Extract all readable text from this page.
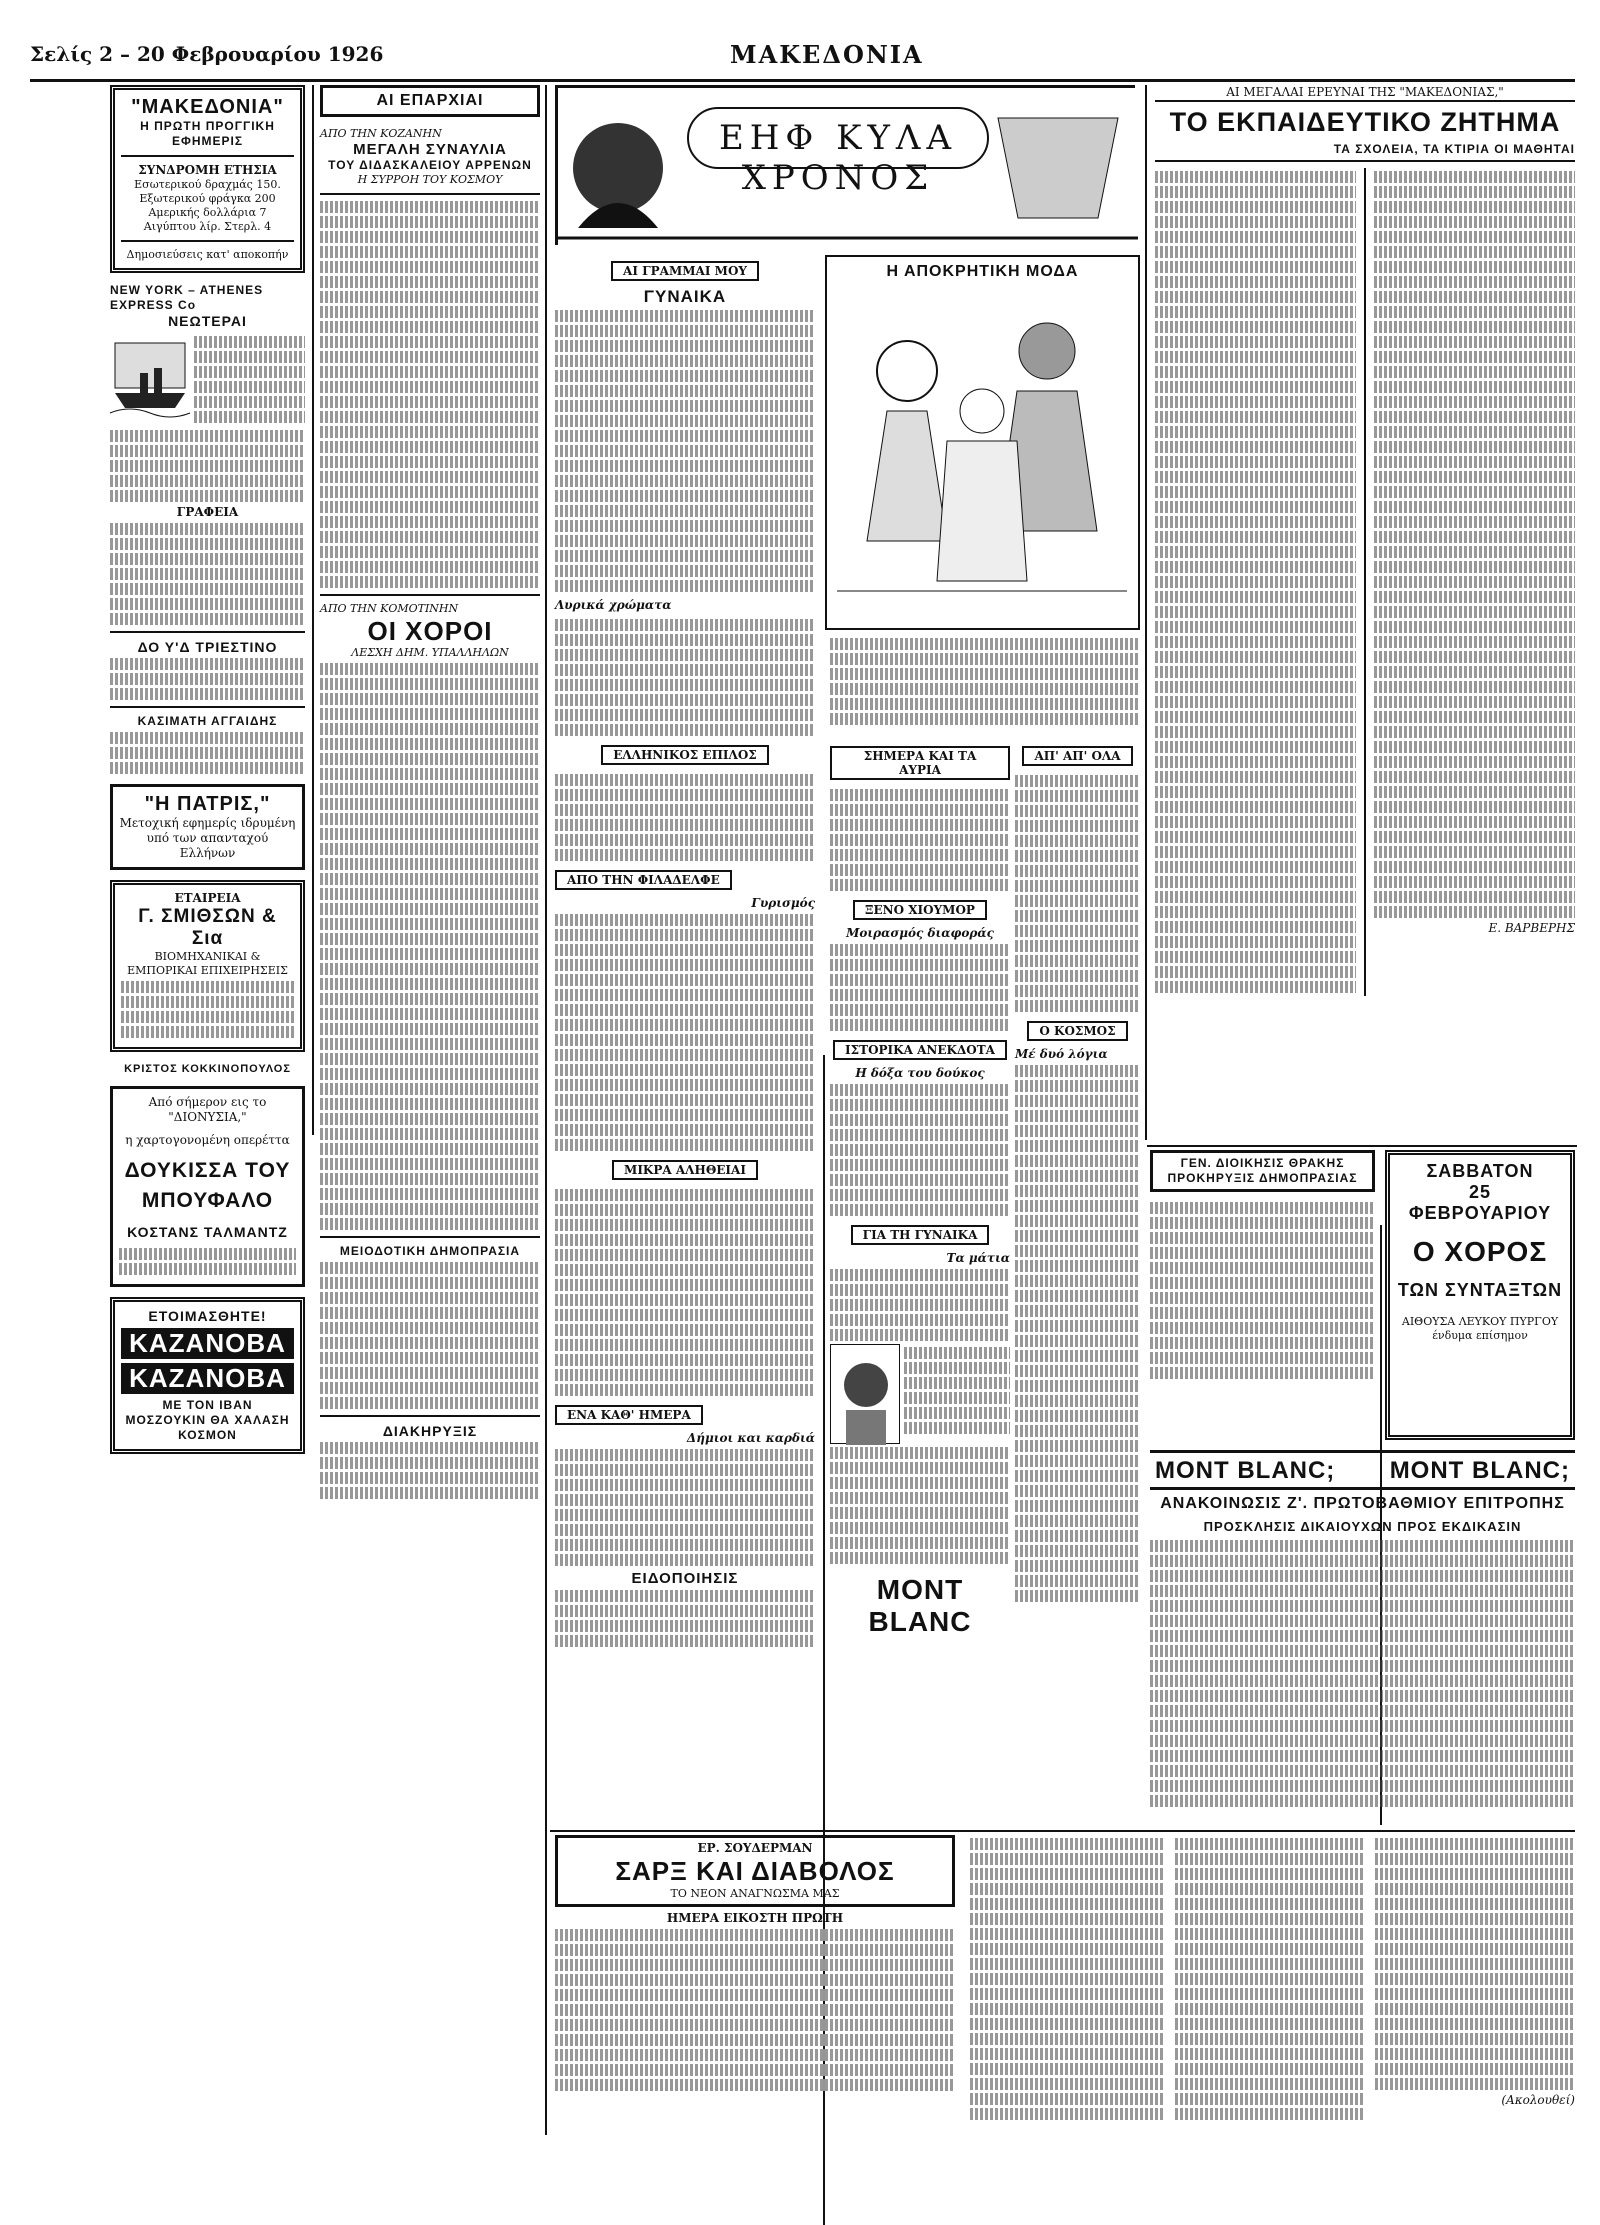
Σελίς 2 – 20 Φεβρουαρίου 1926	ΜΑΚΕΔΟΝΙΑ
"ΜΑΚΕΔΟΝΙΑ"
Η ΠΡΩΤΗ ΠΡΟΓΓΙΚΗ ΕΦΗΜΕΡΙΣ
ΣΥΝΔΡΟΜΗ ΕΤΗΣΙΑ
Εσωτερικού δραχμάς 150.
Εξωτερικού φράγκα 200
Αμερικής δολλάρια 7
Αιγύπτου λίρ. Στερλ. 4
Δημοσιεύσεις κατ' αποκοπήν
NEW YORK – ATHENES EXPRESS Co
ΝΕΩΤΕΡΑΙ
ΓΡΑΦΕΙΑ
ΔΟ Υ'Δ ΤΡΙΕΣΤΙΝΟ
ΚΑΣΙΜΑΤΗ ΑΓΓΑΙΔΗΣ
"Η ΠΑΤΡΙΣ,"
Μετοχική εφημερίς ιδρυμένη υπό των απανταχού Ελλήνων
ΕΤΑΙΡΕΙΑ
Γ. ΣΜΙΘΣΩΝ & Σια
ΒΙΟΜΗΧΑΝΙΚΑΙ & ΕΜΠΟΡΙΚΑΙ ΕΠΙΧΕΙΡΗΣΕΙΣ
ΚΡΙΣΤΟΣ ΚΟΚΚΙΝΟΠΟΥΛΟΣ
Από σήμερον εις το "ΔΙΟΝΥΣΙΑ,"
η χαρτογονομένη οπερέττα
ΔΟΥΚΙΣΣΑ ΤΟΥ ΜΠΟΥΦΑΛΟ
ΚΟΣΤΑΝΣ ΤΑΛΜΑΝΤΖ
ΕΤΟΙΜΑΣΘΗΤΕ!
ΚΑΖΑΝΟΒΑ
ΚΑΖΑΝΟΒΑ
ΜΕ ΤΟΝ ΙΒΑΝ ΜΟΣΖΟΥΚΙΝ ΘΑ ΧΑΛΑΣΗ ΚΟΣΜΟΝ
ΑΙ ΕΠΑΡΧΙΑΙ
ΑΠΟ ΤΗΝ ΚΟΖΑΝΗΝ
ΜΕΓΑΛΗ ΣΥΝΑΥΛΙΑ
ΤΟΥ ΔΙΔΑΣΚΑΛΕΙΟΥ ΑΡΡΕΝΩΝ
Η ΣΥΡΡΟΗ ΤΟΥ ΚΟΣΜΟΥ
ΑΠΟ ΤΗΝ ΚΟΜΟΤΙΝΗΝ
ΟΙ ΧΟΡΟΙ
ΛΕΣΧΗ ΔΗΜ. ΥΠΑΛΛΗΛΩΝ
ΜΕΙΟΔΟΤΙΚΗ ΔΗΜΟΠΡΑΣΙΑ
ΔΙΑΚΗΡΥΞΙΣ
ΕΗΦ ΚΥΛΑ ΧΡΟΝΟΣ
ΑΙ ΓΡΑΜΜΑΙ ΜΟΥ
ΓΥΝΑΙΚΑ
Λυρικά χρώματα
ΕΛΛΗΝΙΚΟΣ ΕΠΙΛΟΣ
ΑΠΟ ΤΗΝ ΦΙΛΑΔΕΛΦΕ
Γυρισμός
ΜΙΚΡΑ ΑΛΗΘΕΙΑΙ
ΕΝΑ ΚΑΘ' ΗΜΕΡΑ
Δήμιοι και καρδιά
ΕΙΔΟΠΟΙΗΣΙΣ
Η ΑΠΟΚΡΗΤΙΚΗ ΜΟΔΑ
ΣΗΜΕΡΑ ΚΑΙ ΤΑ ΑΥΡΙΑ
ΞΕΝΟ ΧΙΟΥΜΟΡ
Μοιρασμός διαφοράς
ΙΣΤΟΡΙΚΑ ΑΝΕΚΔΟΤΑ
Η δόξα του δούκος
ΓΙΑ ΤΗ ΓΥΝΑΙΚΑ
Τα μάτια
MONT BLANC
ΑΠ' ΑΠ' ΟΛΑ
Ο ΚΟΣΜΟΣ
Μέ δυό λόγια
ΑΙ ΜΕΓΑΛΑΙ ΕΡΕΥΝΑΙ ΤΗΣ "ΜΑΚΕΔΟΝΙΑΣ,"
ΤΟ ΕΚΠΑΙΔΕΥΤΙΚΟ ΖΗΤΗΜΑ
ΤΑ ΣΧΟΛΕΙΑ, ΤΑ ΚΤΙΡΙΑ ΟΙ ΜΑΘΗΤΑΙ
Ε. ΒΑΡΒΕΡΗΣ
ΓΕΝ. ΔΙΟΙΚΗΣΙΣ ΘΡΑΚΗΣ
ΠΡΟΚΗΡΥΞΙΣ ΔΗΜΟΠΡΑΣΙΑΣ	ΣΑΒΒΑΤΟΝ
25 ΦΕΒΡΟΥΑΡΙΟΥ
Ο ΧΟΡΟΣ
ΤΩΝ ΣΥΝΤΑΞΤΩΝ
ΑΙΘΟΥΣΑ ΛΕΥΚΟΥ ΠΥΡΓΟΥ
ένδυμα επίσημον
MONT BLANC; MONT BLANC;
ΑΝΑΚΟΙΝΩΣΙΣ Ζ'. ΠΡΩΤΟΒΑΘΜΙΟΥ ΕΠΙΤΡΟΠΗΣ
ΠΡΟΣΚΛΗΣΙΣ ΔΙΚΑΙΟΥΧΩΝ ΠΡΟΣ ΕΚΔΙΚΑΣΙΝ
ΕΡ. ΣΟΥΔΕΡΜΑΝ
ΣΑΡΞ ΚΑΙ ΔΙΑΒΟΛΟΣ
ΤΟ ΝΕΟΝ ΑΝΑΓΝΩΣΜΑ ΜΑΣ
ΗΜΕΡΑ ΕΙΚΟΣΤΗ ΠΡΩΤΗ
(Ακολουθεί)
